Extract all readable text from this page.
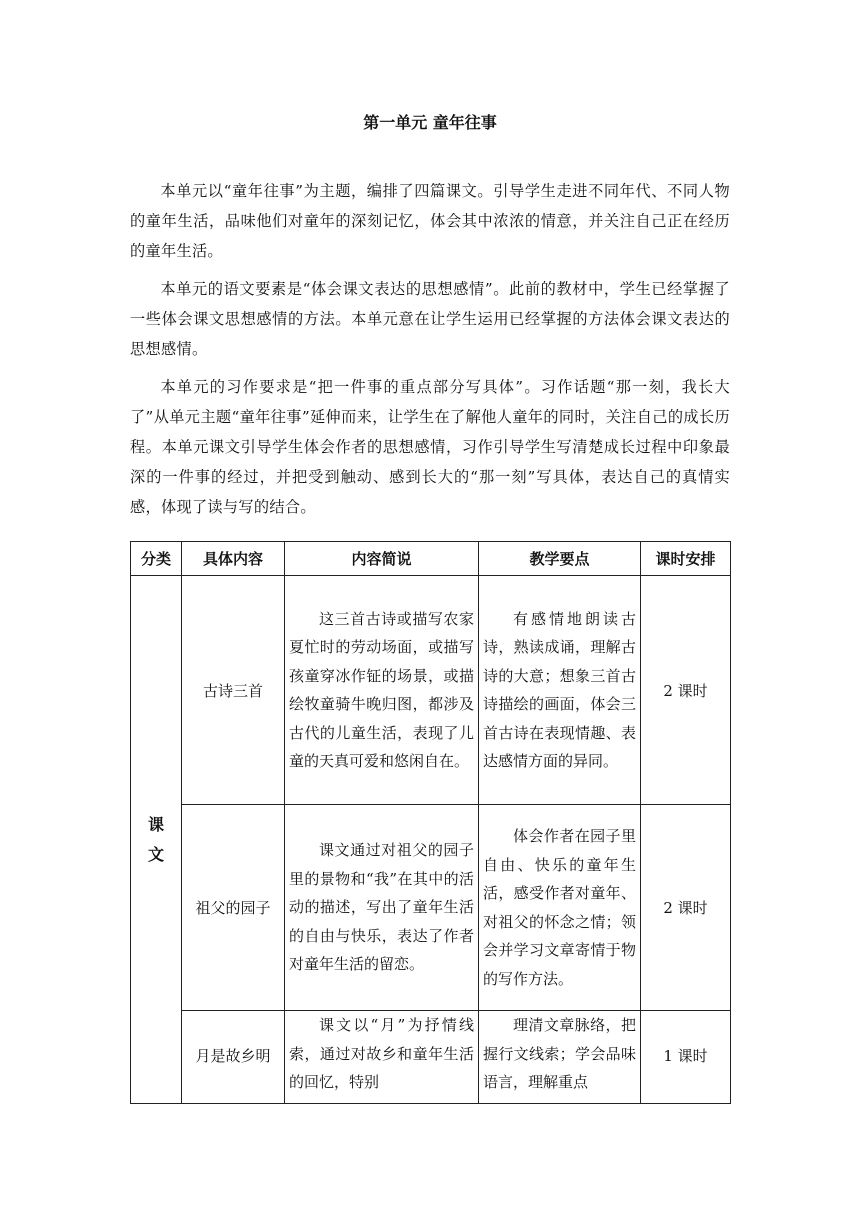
第一单元 童年往事

本单元以“童年往事”为主题，编排了四篇课文。引导学生走进不同年代、不同人物的童年生活，品味他们对童年的深刻记忆，体会其中浓浓的情意，并关注自己正在经历的童年生活。

本单元的语文要素是“体会课文表达的思想感情”。此前的教材中，学生已经掌握了一些体会课文思想感情的方法。本单元意在让学生运用已经掌握的方法体会课文表达的思想感情。

本单元的习作要求是“把一件事的重点部分写具体”。习作话题“那一刻，我长大了”从单元主题“童年往事”延伸而来，让学生在了解他人童年的同时，关注自己的成长历程。本单元课文引导学生体会作者的思想感情，习作引导学生写清楚成长过程中印象最深的一件事的经过，并把受到触动、感到长大的“那一刻”写具体，表达自己的真情实感，体现了读与写的结合。

分类	具体内容	内容简说	教学要点	课时安排

课
文	古诗三首	这三首古诗或描写农家夏忙时的劳动场面，或描写孩童穿冰作钲的场景，或描绘牧童骑牛晚归图，都涉及古代的儿童生活，表现了儿童的天真可爱和悠闲自在。	有感情地朗读古诗，熟读成诵，理解古诗的大意；想象三首古诗描绘的画面，体会三首古诗在表现情趣、表达感情方面的异同。	2 课时
	祖父的园子	课文通过对祖父的园子里的景物和“我”在其中的活动的描述，写出了童年生活的自由与快乐，表达了作者对童年生活的留恋。	体会作者在园子里自由、快乐的童年生活，感受作者对童年、对祖父的怀念之情；领会并学习文章寄情于物的写作方法。	2 课时
	月是故乡明	课文以“月”为抒情线索，通过对故乡和童年生活的回忆，特别	理清文章脉络，把握行文线索；学会品味语言，理解重点	1 课时
